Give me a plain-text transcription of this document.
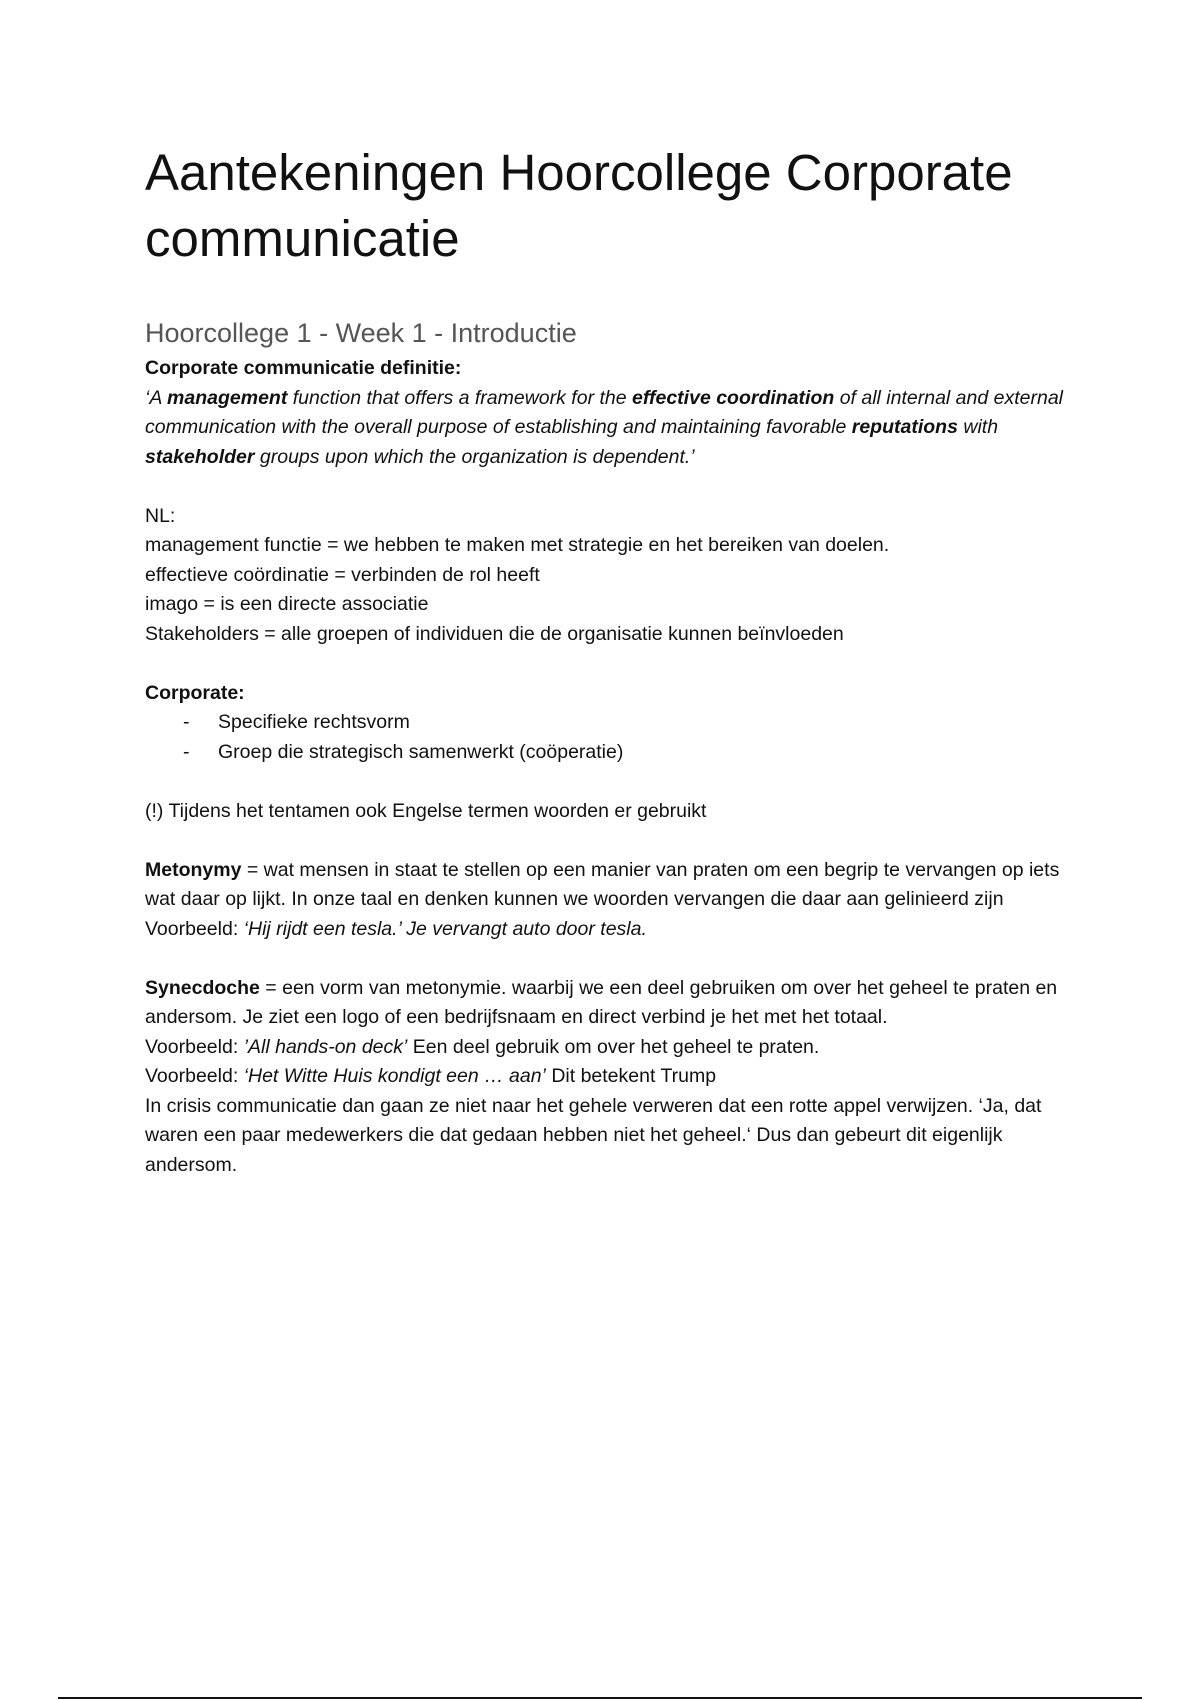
Aantekeningen Hoorcollege Corporate communicatie
Hoorcollege 1 - Week 1 - Introductie
Corporate communicatie definitie:
‘A management function that offers a framework for the effective coordination of all internal and external communication with the overall purpose of establishing and maintaining favorable reputations with stakeholder groups upon which the organization is dependent.’
NL:
management functie = we hebben te maken met strategie en het bereiken van doelen.
effectieve coördinatie = verbinden de rol heeft
imago = is een directe associatie
Stakeholders = alle groepen of individuen die de organisatie kunnen beïnvloeden
Corporate:
- Specifieke rechtsvorm
- Groep die strategisch samenwerkt (coöperatie)
(!) Tijdens het tentamen ook Engelse termen woorden er gebruikt
Metonymy = wat mensen in staat te stellen op een manier van praten om een begrip te vervangen op iets wat daar op lijkt. In onze taal en denken kunnen we woorden vervangen die daar aan gelinieerd zijn
Voorbeeld: ‘Hij rijdt een tesla.’ Je vervangt auto door tesla.
Synecdoche = een vorm van metonymie. waarbij we een deel gebruiken om over het geheel te praten en andersom. Je ziet een logo of een bedrijfsnaam en direct verbind je het met het totaal.
Voorbeeld: ’All hands-on deck’ Een deel gebruik om over het geheel te praten.
Voorbeeld: ‘Het Witte Huis kondigt een … aan’ Dit betekent Trump
In crisis communicatie dan gaan ze niet naar het gehele verweren dat een rotte appel verwijzen. ‘Ja, dat waren een paar medewerkers die dat gedaan hebben niet het geheel.‘ Dus dan gebeurt dit eigenlijk andersom.
